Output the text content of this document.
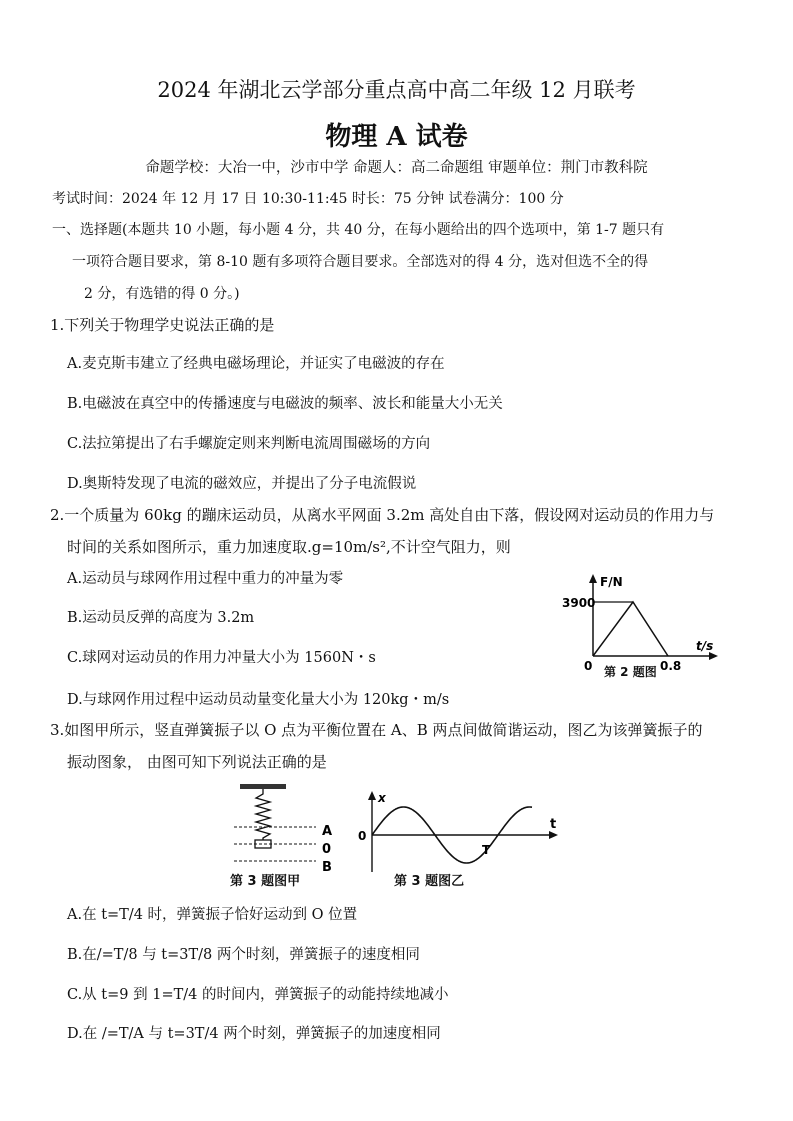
2024 年湖北云学部分重点高中高二年级 12 月联考
物理 A 试卷
命题学校：大冶一中，沙市中学 命题人：高二命题组 审题单位：荆门市教科院
考试时间：2024 年 12 月 17 日 10:30-11:45 时长：75 分钟 试卷满分：100 分
一、选择题(本题共 10 小题，每小题 4 分，共 40 分，在每小题给出的四个选项中，第 1-7 题只有
一项符合题目要求，第 8-10 题有多项符合题目要求。全部选对的得 4 分，选对但选不全的得
2 分，有选错的得 0 分。)
1.下列关于物理学史说法正确的是
A.麦克斯韦建立了经典电磁场理论，并证实了电磁波的存在
B.电磁波在真空中的传播速度与电磁波的频率、波长和能量大小无关
C.法拉第提出了右手螺旋定则来判断电流周围磁场的方向
D.奥斯特发现了电流的磁效应，并提出了分子电流假说
2.一个质量为 60kg 的蹦床运动员，从离水平网面 3.2m 高处自由下落，假设网对运动员的作用力与
时间的关系如图所示，重力加速度取.g=10m/s²,不计空气阻力，则
A.运动员与球网作用过程中重力的冲量为零
B.运动员反弹的高度为 3.2m
C.球网对运动员的作用力冲量大小为 1560N・s
D.与球网作用过程中运动员动量变化量大小为 120kg・m/s
F/N
t/s
3900
0	0.8
第 2 题图
3.如图甲所示，竖直弹簧振子以 O 点为平衡位置在 A、B 两点间做简谐运动，图乙为该弹簧振子的
振动图象， 由图可知下列说法正确的是
A
0
B
第 3 题图甲
x
t
0
T
第 3 题图乙
A.在 t=T/4 时，弹簧振子恰好运动到 O 位置
B.在/=T/8 与 t=3T/8 两个时刻，弹簧振子的速度相同
C.从 t=9 到 1=T/4 的时间内，弹簧振子的动能持续地减小
D.在 /=T/A 与 t=3T/4 两个时刻，弹簧振子的加速度相同
